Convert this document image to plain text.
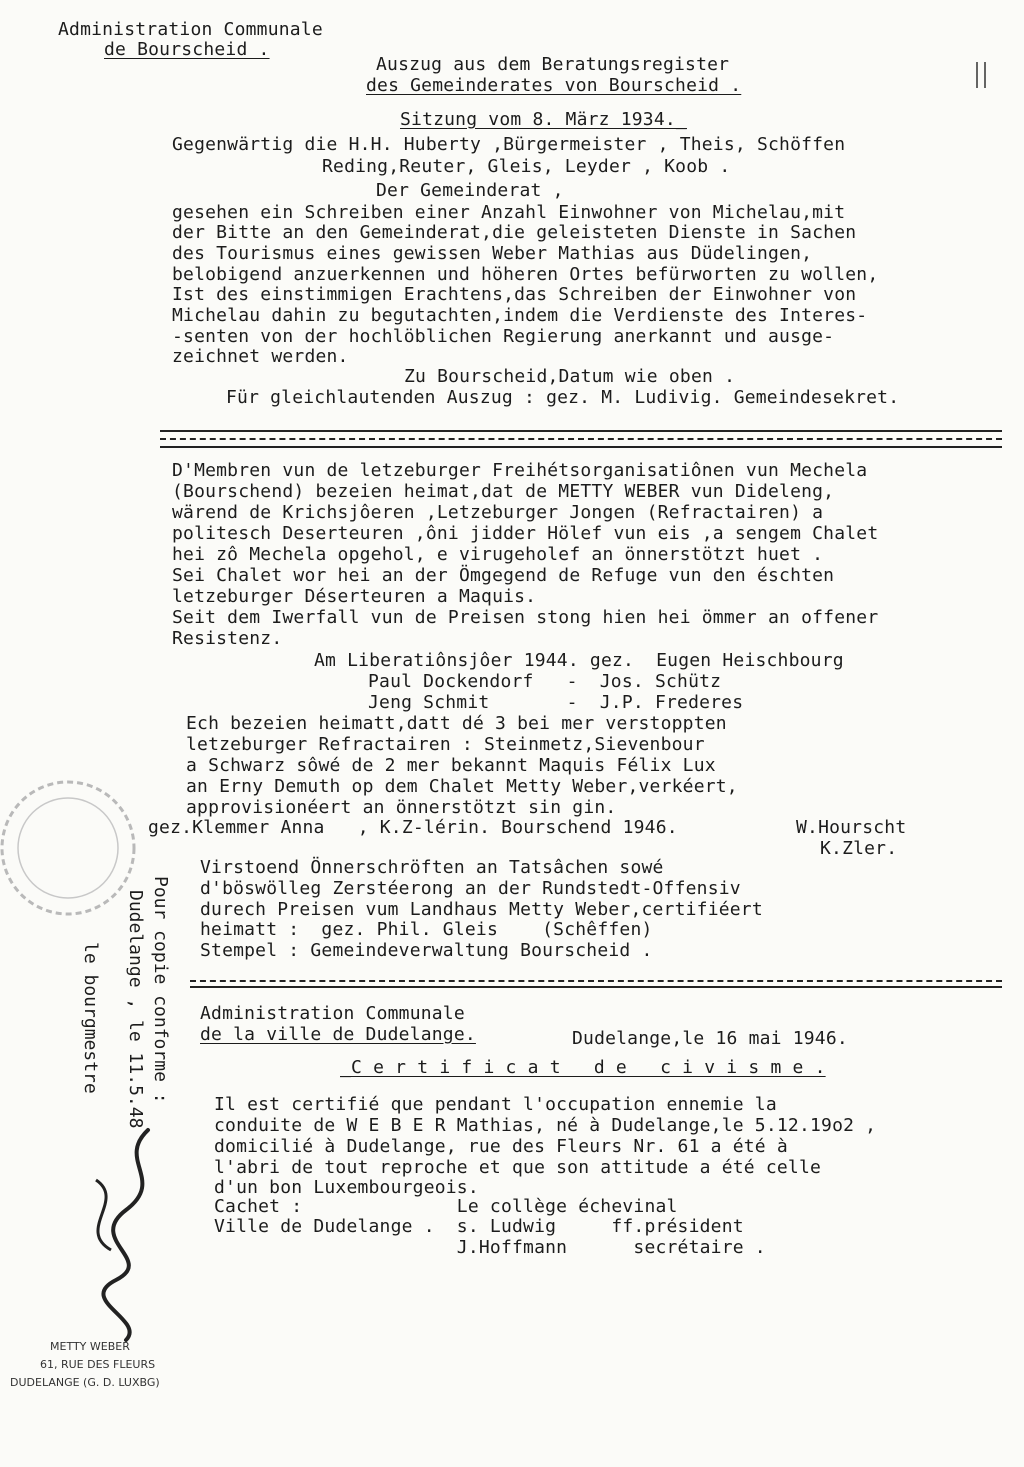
Administration Communale
de Bourscheid .
Auszug aus dem Beratungsregister
des Gemeinderates von Bourscheid .
Sitzung vom 8. März 1934._
Gegenwärtig die H.H. Huberty ,Bürgermeister , Theis, Schöffen
Reding,Reuter, Gleis, Leyder , Koob .
Der Gemeinderat ,
gesehen ein Schreiben einer Anzahl Einwohner von Michelau,mit
der Bitte an den Gemeinderat,die geleisteten Dienste in Sachen
des Tourismus eines gewissen Weber Mathias aus Düdelingen,
belobigend anzuerkennen und höheren Ortes befürworten zu wollen,
Ist des einstimmigen Erachtens,das Schreiben der Einwohner von
Michelau dahin zu begutachten,indem die Verdienste des Interes-
-senten von der hochlöblichen Regierung anerkannt und ausge-
zeichnet werden.
Zu Bourscheid,Datum wie oben .
Für gleichlautenden Auszug : gez. M. Ludivig. Gemeindesekret.
D'Membren vun de letzeburger Freihétsorganisatiônen vun Mechela
(Bourschend) bezeien heimat,dat de METTY WEBER vun Dideleng,
wärend de Krichsjôeren ,Letzeburger Jongen (Refractairen) a
politesch Deserteuren ,ôni jidder Hölef vun eis ,a sengem Chalet
hei zô Mechela opgehol, e virugeholef an önnerstötzt huet .
Sei Chalet wor hei an der Ömgegend de Refuge vun den éschten
letzeburger Déserteuren a Maquis.
Seit dem Iwerfall vun de Preisen stong hien hei ömmer an offener
Resistenz.
Am Liberatiônsjôer 1944. gez.  Eugen Heischbourg
Paul Dockendorf   -  Jos. Schütz
Jeng Schmit       -  J.P. Frederes
Ech bezeien heimatt,datt dé 3 bei mer verstoppten
letzeburger Refractairen : Steinmetz,Sievenbour
a Schwarz sôwé de 2 mer bekannt Maquis Félix Lux
an Erny Demuth op dem Chalet Metty Weber,verkéert,
approvisionéert an önnerstötzt sin gin.
gez.Klemmer Anna   , K.Z-lérin. Bourschend 1946.	W.Hourscht
K.Zler.
Virstoend Önnerschröften an Tatsâchen sowé
d'böswölleg Zerstéerong an der Rundstedt-Offensiv
durech Preisen vum Landhaus Metty Weber,certifiéert
heimatt :  gez. Phil. Gleis    (Schêffen)
Stempel : Gemeindeverwaltung Bourscheid .
Pour copie conforme :
Dudelange , le 11.5.48
le bourgmestre	Administration Communale
de la ville de Dudelange.	Dudelange,le 16 mai 1946.
_C e r t i f i c a t   d e   c i v i s m e .
Il est certifié que pendant l'occupation ennemie la
conduite de W E B E R Mathias, né à Dudelange,le 5.12.19o2 ,
domicilié à Dudelange, rue des Fleurs Nr. 61 a été à
l'abri de tout reproche et que son attitude a été celle
d'un bon Luxembourgeois.
Cachet :              Le collège échevinal
Ville de Dudelange .  s. Ludwig     ff.président
J.Hoffmann      secrétaire .
METTY WEBER
61, RUE DES FLEURS
DUDELANGE (G. D. LUXBG)
